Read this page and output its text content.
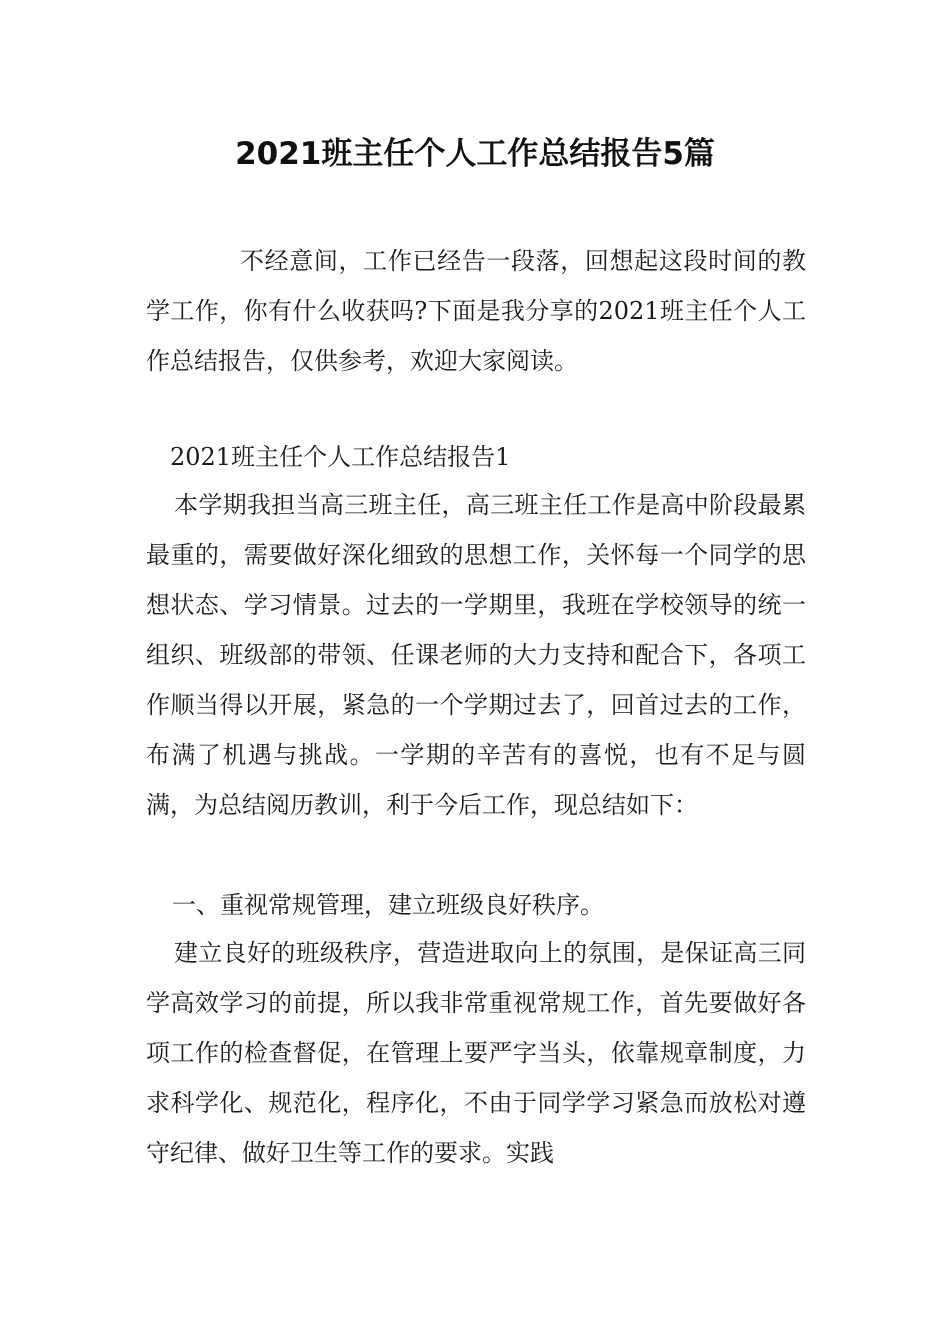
2021班主任个人工作总结报告5篇
不经意间，工作已经告一段落，回想起这段时间的教学工作，你有什么收获吗?下面是我分享的2021班主任个人工作总结报告，仅供参考，欢迎大家阅读。
2021班主任个人工作总结报告1
本学期我担当高三班主任，高三班主任工作是高中阶段最累最重的，需要做好深化细致的思想工作，关怀每一个同学的思想状态、学习情景。过去的一学期里，我班在学校领导的统一组织、班级部的带领、任课老师的大力支持和配合下，各项工作顺当得以开展，紧急的一个学期过去了，回首过去的工作，布满了机遇与挑战。一学期的辛苦有的喜悦，也有不足与圆满，为总结阅历教训，利于今后工作，现总结如下：
一、重视常规管理，建立班级良好秩序。
建立良好的班级秩序，营造进取向上的氛围，是保证高三同学高效学习的前提，所以我非常重视常规工作，首先要做好各项工作的检查督促，在管理上要严字当头，依靠规章制度，力求科学化、规范化，程序化，不由于同学学习紧急而放松对遵守纪律、做好卫生等工作的要求。实践
